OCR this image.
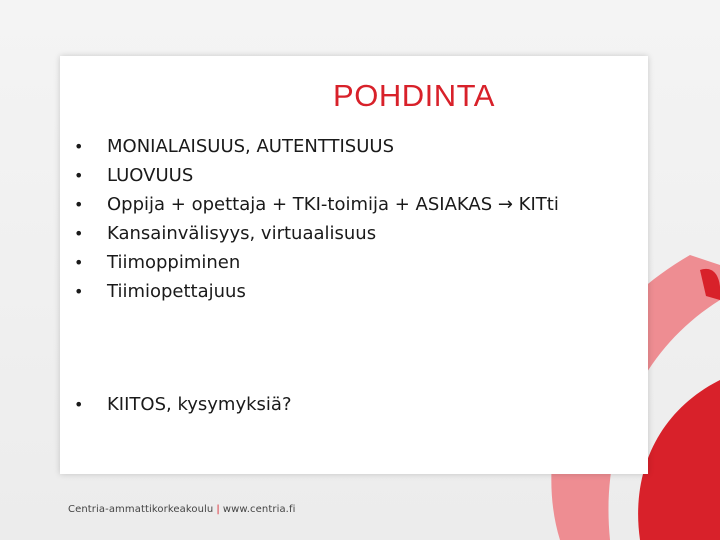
POHDINTA
• MONIALAISUUS, AUTENTTISUUS
• LUOVUUS
• Oppija + opettaja + TKI-toimija + ASIAKAS → KITti
• Kansainvälisyys, virtuaalisuus
• Tiimoppiminen
• Tiimiopettajuus
• KIITOS, kysymyksiä?
Centria-ammattikorkeakoulu | www.centria.fi
